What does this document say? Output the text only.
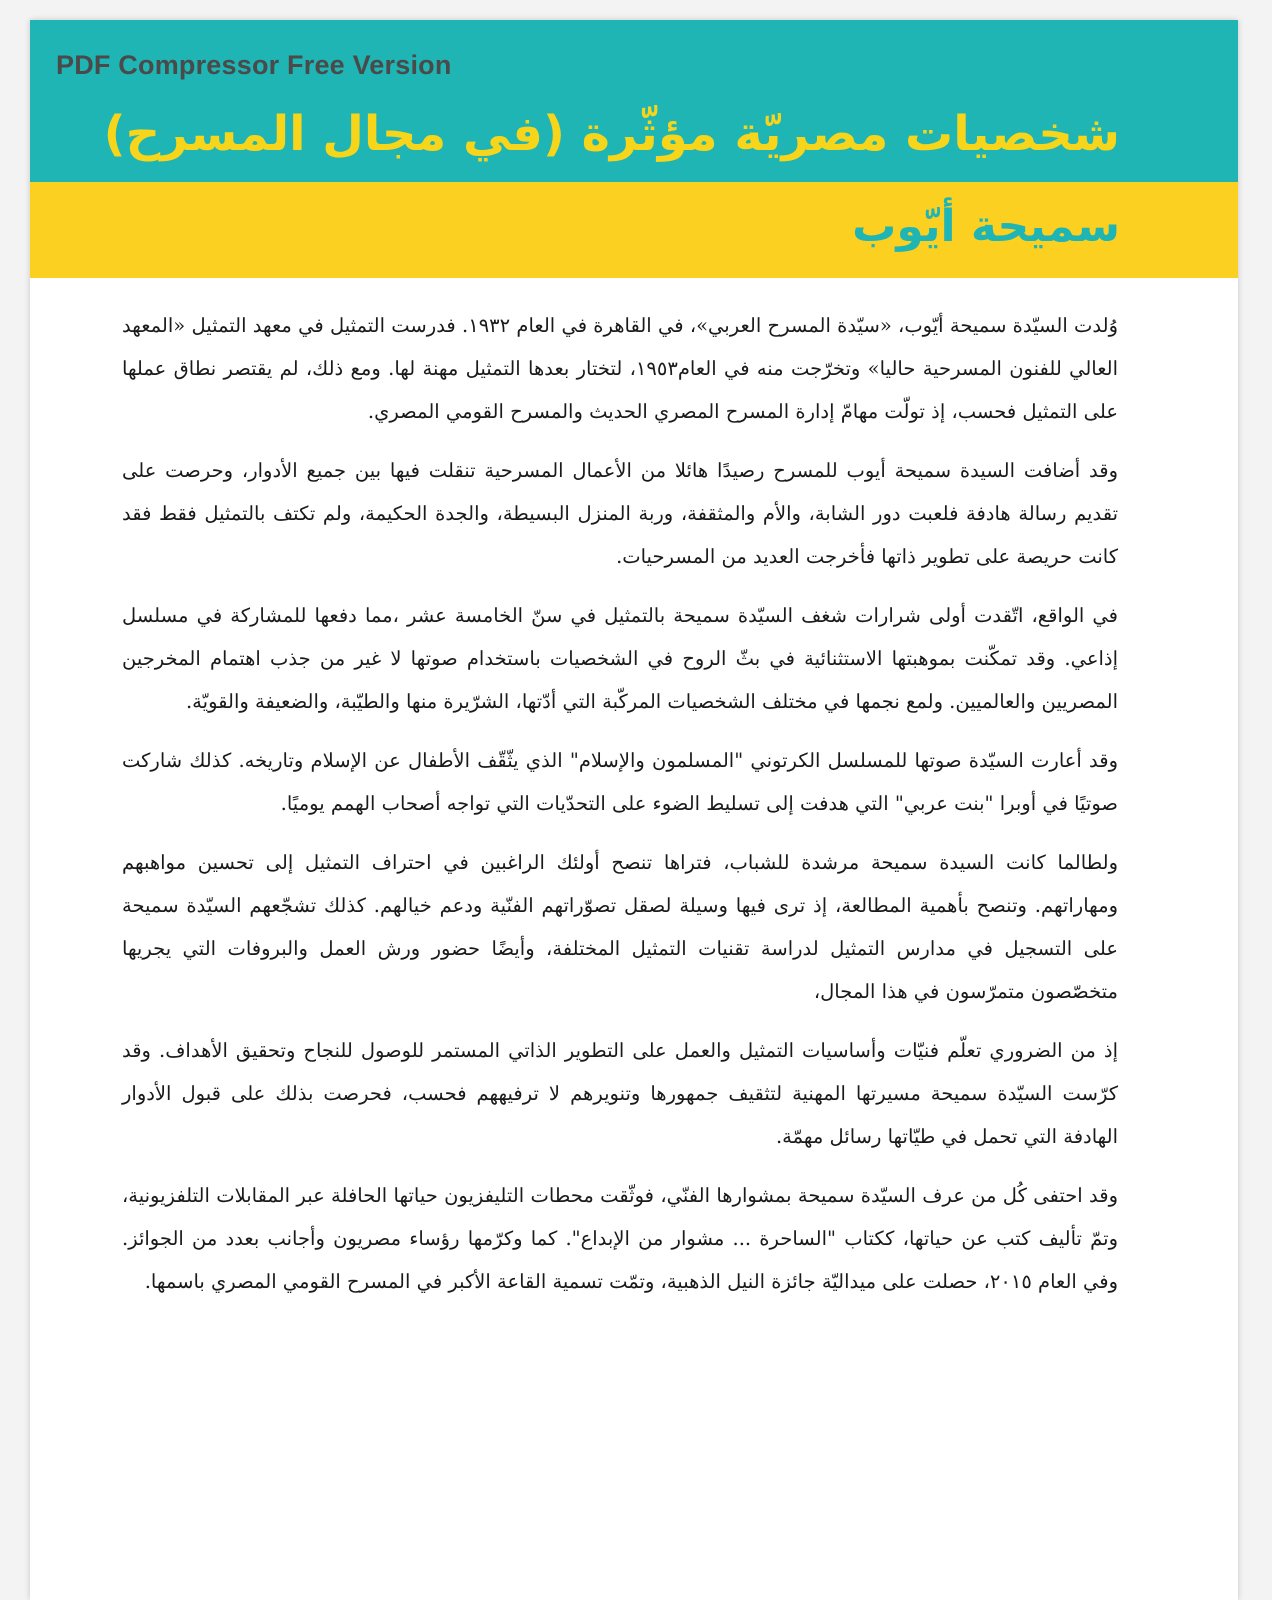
PDF Compressor Free Version
شخصيات مصريّة مؤثّرة (في مجال المسرح)
سميحة أيّوب

وُلدت السيّدة سميحة أيّوب، «سيّدة المسرح العربي»، في القاهرة في العام ١٩٣٢. فدرست التمثيل في معهد التمثيل «المعهد العالي للفنون المسرحية حاليا» وتخرّجت منه في العام١٩٥٣، لتختار بعدها التمثيل مهنة لها. ومع ذلك، لم يقتصر نطاق عملها على التمثيل فحسب، إذ تولّت مهامّ إدارة المسرح المصري الحديث والمسرح القومي المصري.

وقد أضافت السيدة سميحة أيوب للمسرح رصيدًا هائلا من الأعمال المسرحية تنقلت فيها بين جميع الأدوار، وحرصت على تقديم رسالة هادفة فلعبت دور الشابة، والأم والمثقفة، وربة المنزل البسيطة، والجدة الحكيمة، ولم تكتف بالتمثيل فقط فقد كانت حريصة على تطوير ذاتها فأخرجت العديد من المسرحيات.

في الواقع، اتّقدت أولى شرارات شغف السيّدة سميحة بالتمثيل في سنّ الخامسة عشر ،مما دفعها للمشاركة في مسلسل إذاعي. وقد تمكّنت بموهبتها الاستثنائية في بثّ الروح في الشخصيات باستخدام صوتها لا غير من جذب اهتمام المخرجين المصريين والعالميين. ولمع نجمها في مختلف الشخصيات المركّبة التي أدّتها، الشرّيرة منها والطيّبة، والضعيفة والقويّة.

وقد أعارت السيّدة صوتها للمسلسل الكرتوني "المسلمون والإسلام" الذي يثّقّف الأطفال عن الإسلام وتاريخه. كذلك شاركت صوتيًا في أوبرا "بنت عربي" التي هدفت إلى تسليط الضوء على التحدّيات التي تواجه أصحاب الهمم يوميًا.

ولطالما كانت السيدة سميحة مرشدة للشباب، فتراها تنصح أولئك الراغبين في احتراف التمثيل إلى تحسين مواهبهم ومهاراتهم. وتنصح بأهمية المطالعة، إذ ترى فيها وسيلة لصقل تصوّراتهم الفنّية ودعم خيالهم. كذلك تشجّعهم السيّدة سميحة على التسجيل في مدارس التمثيل لدراسة تقنيات التمثيل المختلفة، وأيضًا حضور ورش العمل والبروفات التي يجريها متخصّصون متمرّسون في هذا المجال،

إذ من الضروري تعلّم فنيّات وأساسيات التمثيل والعمل على التطوير الذاتي المستمر للوصول للنجاح وتحقيق الأهداف. وقد كرّست السيّدة سميحة مسيرتها المهنية لتثقيف جمهورها وتنويرهم لا ترفيههم فحسب، فحرصت بذلك على قبول الأدوار الهادفة التي تحمل في طيّاتها رسائل مهمّة.

وقد احتفى كُل من عرف السيّدة سميحة بمشوارها الفنّي، فوثّقت محطات التليفزيون حياتها الحافلة عبر المقابلات التلفزيونية، وتمّ تأليف كتب عن حياتها، ككتاب "الساحرة ... مشوار من الإبداع". كما وكرّمها رؤساء مصريون وأجانب بعدد من الجوائز. وفي العام ٢٠١٥، حصلت على ميداليّة جائزة النيل الذهبية، وتمّت تسمية القاعة الأكبر في المسرح القومي المصري باسمها.
